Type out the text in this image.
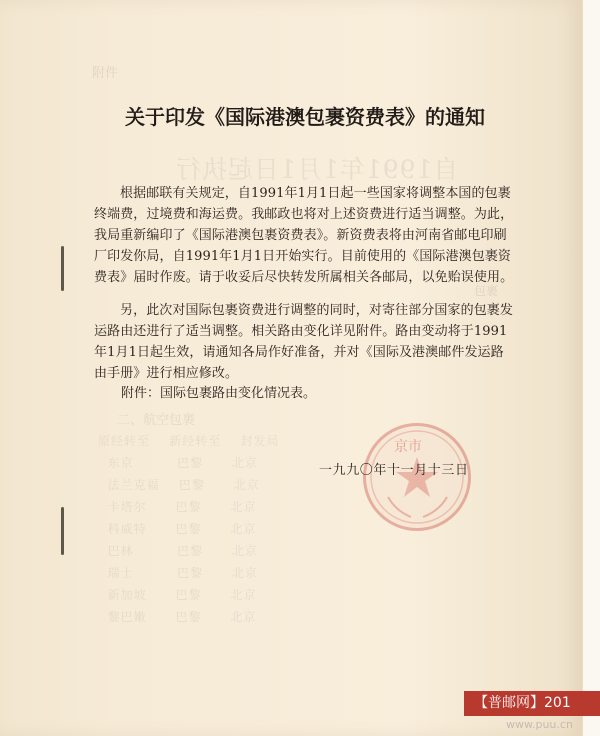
附件
自1991年1月1日起执行
包裹
二、航空包裹
原经转至    新经转至    封发局
东京         巴黎      北京
法兰克福    巴黎      北京
卡塔尔      巴黎      北京
科威特      巴黎      北京
巴林         巴黎      北京
瑞士         巴黎      北京
新加坡      巴黎      北京
黎巴嫩      巴黎      北京
关于印发《国际港澳包裹资费表》的通知
根据邮联有关规定，自1991年1月1日起一些国家将调整本国的包裹终端费，过境费和海运费。我邮政也将对上述资费进行适当调整。为此，我局重新编印了《国际港澳包裹资费表》。新资费表将由河南省邮电印刷厂印发你局，自1991年1月1日开始实行。目前使用的《国际港澳包裹资费表》届时作废。请于收妥后尽快转发所属相关各邮局，以免贻误使用。
另，此次对国际包裹资费进行调整的同时，对寄往部分国家的包裹发运路由还进行了适当调整。相关路由变化详见附件。路由变动将于1991年1月1日起生效，请通知各局作好准备，并对《国际及港澳邮件发运路由手册》进行相应修改。
附件：国际包裹路由变化情况表。
京市
一九九〇年十一月十三日
【普邮网】201
www.puu.cn
